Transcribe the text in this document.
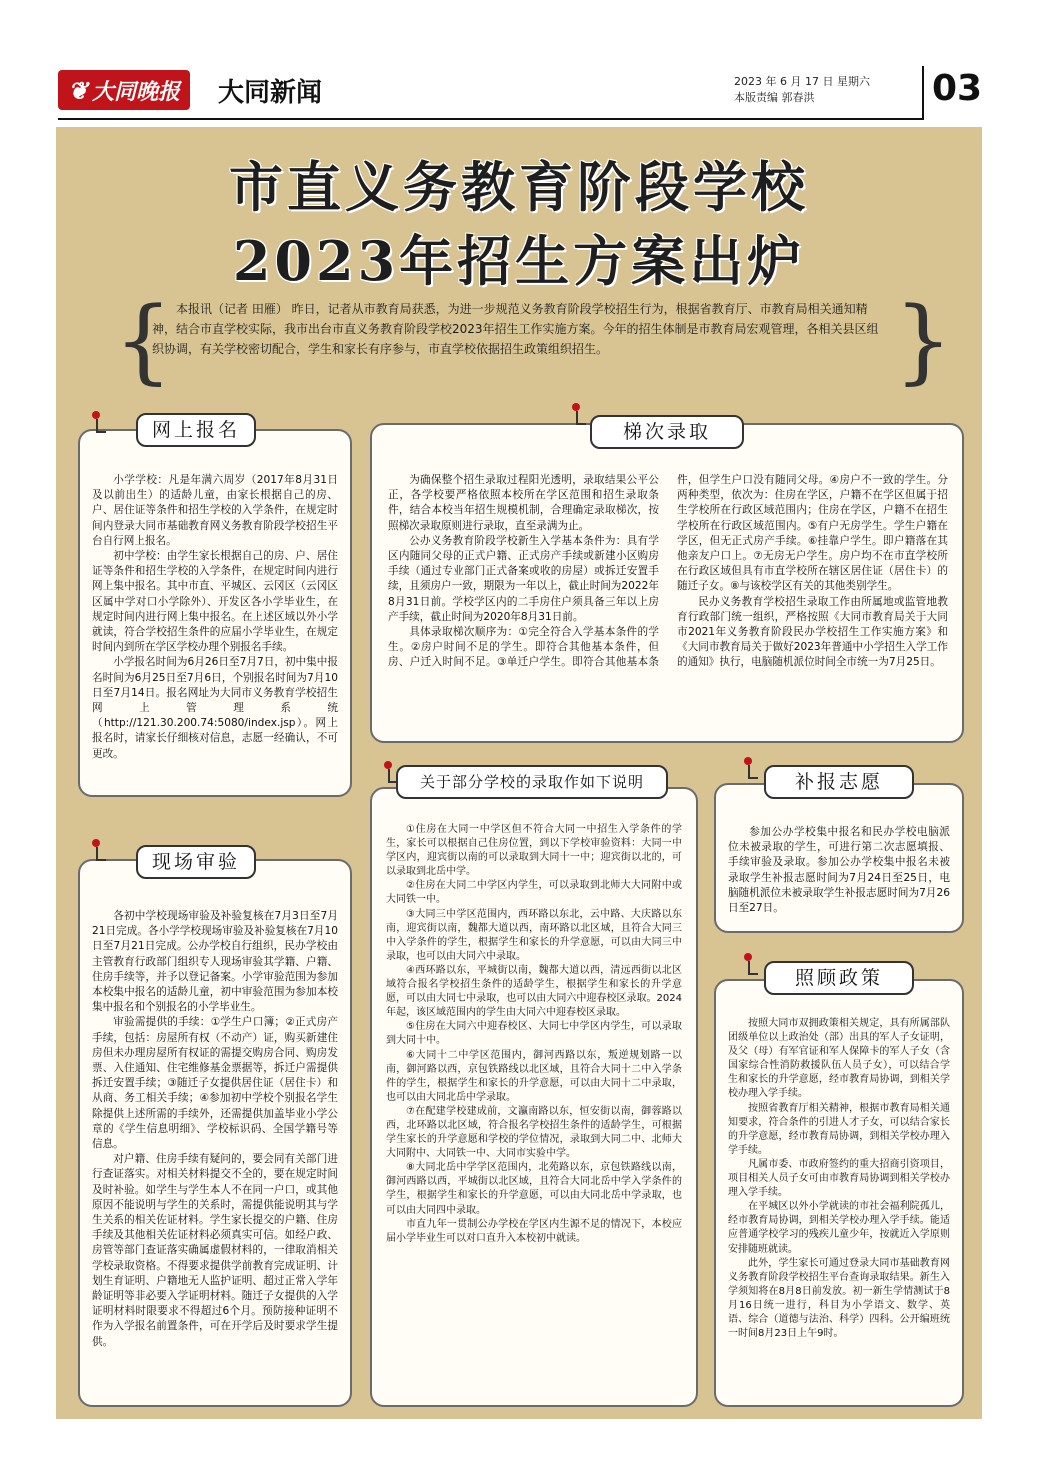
❦ 大同晚报 大同新闻	2023 年 6 月 17 日 星期六
本版责编 郭春洪	03
市直义务教育阶段学校
2023年招生方案出炉
{ 本报讯（记者 田雁） 昨日，记者从市教育局获悉，为进一步规范义务教育阶段学校招生行为，根据省教育厅、市教育局相关通知精神，结合市直学校实际，我市出台市直义务教育阶段学校2023年招生工作实施方案。今年的招生体制是市教育局宏观管理，各相关县区组织协调，有关学校密切配合，学生和家长有序参与，市直学校依据招生政策组织招生。	}
网上报名

小学学校：凡是年满六周岁（2017年8月31日及以前出生）的适龄儿童，由家长根据自己的房、户、居住证等条件和招生学校的入学条件，在规定时间内登录大同市基础教育网义务教育阶段学校招生平台自行网上报名。

初中学校：由学生家长根据自己的房、户、居住证等条件和招生学校的入学条件，在规定时间内进行网上集中报名。其中市直、平城区、云冈区（云冈区区属中学对口小学除外）、开发区各小学毕业生，在规定时间内进行网上集中报名。在上述区域以外小学就读，符合学校招生条件的应届小学毕业生，在规定时间内到所在学区学校办理个别报名手续。

小学报名时间为6月26日至7月7日，初中集中报名时间为6月25日至7月6日，个别报名时间为7月10日至7月14日。报名网址为大同市义务教育学校招生网上管理系统（http://121.30.200.74:5080/index.jsp）。网上报名时，请家长仔细核对信息，志愿一经确认，不可更改。

现场审验

各初中学校现场审验及补验复核在7月3日至7月21日完成。各小学学校现场审验及补验复核在7月10日至7月21日完成。公办学校自行组织，民办学校由主管教育行政部门组织专人现场审验其学籍、户籍、住房手续等，并予以登记备案。小学审验范围为参加本校集中报名的适龄儿童，初中审验范围为参加本校集中报名和个别报名的小学毕业生。

审验需提供的手续：①学生户口簿；②正式房产手续，包括：房屋所有权（不动产）证，购买新建住房但未办理房屋所有权证的需提交购房合同、购房发票、入住通知、住宅维修基金票据等，拆迁户需提供拆迁安置手续；③随迁子女提供居住证（居住卡）和从商、务工相关手续；④参加初中学校个别报名学生除提供上述所需的手续外，还需提供加盖毕业小学公章的《学生信息明细》、学校标识码、全国学籍号等信息。

对户籍、住房手续有疑问的，要会同有关部门进行查证落实。对相关材料提交不全的，要在规定时间及时补验。如学生与学生本人不在同一户口，或其他原因不能说明与学生的关系时，需提供能说明其与学生关系的相关佐证材料。学生家长提交的户籍、住房手续及其他相关佐证材料必须真实可信。如经户政、房管等部门查证落实确属虚假材料的，一律取消相关学校录取资格。不得要求提供学前教育完成证明、计划生育证明、户籍地无人监护证明、超过正常入学年龄证明等非必要入学证明材料。随迁子女提供的入学证明材料时限要求不得超过6个月。预防接种证明不作为入学报名前置条件，可在开学后及时要求学生提供。

梯次录取

为确保整个招生录取过程阳光透明，录取结果公平公正，各学校要严格依照本校所在学区范围和招生录取条件，结合本校当年招生规模机制，合理确定录取梯次，按照梯次录取原则进行录取，直至录满为止。

公办义务教育阶段学校新生入学基本条件为：具有学区内随同父母的正式户籍、正式房产手续或新建小区购房手续（通过专业部门正式备案或收的房屋）或拆迁安置手续，且须房户一致，期限为一年以上，截止时间为2022年8月31日前。学校学区内的二手房住户须具备三年以上房产手续，截止时间为2020年8月31日前。

具体录取梯次顺序为：①完全符合入学基本条件的学生。②房户时间不足的学生。即符合其他基本条件，但房、户迁入时间不足。③单迁户学生。即符合其他基本条件，但学生户口没有随同父母。④房户不一致的学生。分两种类型，依次为：住房在学区，户籍不在学区但属于招生学校所在行政区域范围内；住房在学区，户籍不在招生学校所在行政区域范围内。⑤有户无房学生。学生户籍在学区，但无正式房产手续。⑥挂靠户学生。即户籍落在其他亲友户口上。⑦无房无户学生。房户均不在市直学校所在行政区域但具有市直学校所在辖区居住证（居住卡）的随迁子女。⑧与该校学区有关的其他类别学生。

民办义务教育学校招生录取工作由所属地或监管地教育行政部门统一组织，严格按照《大同市教育局关于大同市2021年义务教育阶段民办学校招生工作实施方案》和《大同市教育局关于做好2023年普通中小学招生入学工作的通知》执行，电脑随机派位时间全市统一为7月25日。

关于部分学校的录取作如下说明

①住房在大同一中学区但不符合大同一中招生入学条件的学生，家长可以根据自己住房位置，到以下学校审验资料：大同一中学区内，迎宾街以南的可以录取到大同十一中；迎宾街以北的，可以录取到北岳中学。

②住房在大同二中学区内学生，可以录取到北师大大同附中或大同铁一中。

③大同三中学区范围内，西环路以东北，云中路、大庆路以东南，迎宾街以南，魏都大道以西，南环路以北区域，且符合大同三中入学条件的学生，根据学生和家长的升学意愿，可以由大同三中录取，也可以由大同六中录取。

④西环路以东，平城街以南，魏都大道以西，清远西街以北区域符合报名学校招生条件的适龄学生，根据学生和家长的升学意愿，可以由大同七中录取，也可以由大同六中迎春校区录取。2024年起，该区域范围内的学生由大同六中迎春校区录取。

⑤住房在大同六中迎春校区、大同七中学区内学生，可以录取到大同十中。

⑥大同十二中学区范围内，御河西路以东，叛逆规划路一以南，御河路以西，京包铁路线以北区域，且符合大同十二中入学条件的学生，根据学生和家长的升学意愿，可以由大同十二中录取，也可以由大同北岳中学录取。

⑦在配建学校建成前，文瀛南路以东，恒安街以南，御蓉路以西，北环路以北区域，符合报名学校招生条件的适龄学生，可根据学生家长的升学意愿和学校的学位情况，录取到大同二中、北师大大同附中、大同铁一中、大同市实验中学。

⑧大同北岳中学学区范围内，北苑路以东，京包铁路线以南，御河西路以西，平城街以北区域，且符合大同北岳中学入学条件的学生，根据学生和家长的升学意愿，可以由大同北岳中学录取，也可以由大同四中录取。

市直九年一贯制公办学校在学区内生源不足的情况下，本校应届小学毕业生可以对口直升入本校初中就读。

补报志愿

参加公办学校集中报名和民办学校电脑派位未被录取的学生，可进行第二次志愿填报、手续审验及录取。参加公办学校集中报名未被录取学生补报志愿时间为7月24日至25日，电脑随机派位未被录取学生补报志愿时间为7月26日至27日。

照顾政策

按照大同市双拥政策相关规定，具有所属部队团级单位以上政治处（部）出具的军人子女证明，及父（母）有军官证和军人保障卡的军人子女（含国家综合性消防救援队伍人员子女），可以结合学生和家长的升学意愿，经市教育局协调，到相关学校办理入学手续。

按照省教育厅相关精神，根据市教育局相关通知要求，符合条件的引进人才子女，可以结合家长的升学意愿，经市教育局协调，到相关学校办理入学手续。

凡属市委、市政府签约的重大招商引资项目，项目相关人员子女可由市教育局协调到相关学校办理入学手续。

在平城区以外小学就读的市社会福利院孤儿，经市教育局协调，到相关学校办理入学手续。能适应普通学校学习的残疾儿童少年，按就近入学原则安排随班就读。

此外，学生家长可通过登录大同市基础教育网义务教育阶段学校招生平台查询录取结果。新生入学须知将在8月8日前发放。初一新生学情测试于8月16日统一进行，科目为小学语文、数学、英语、综合（道德与法治、科学）四科。公开编班统一时间8月23日上午9时。
